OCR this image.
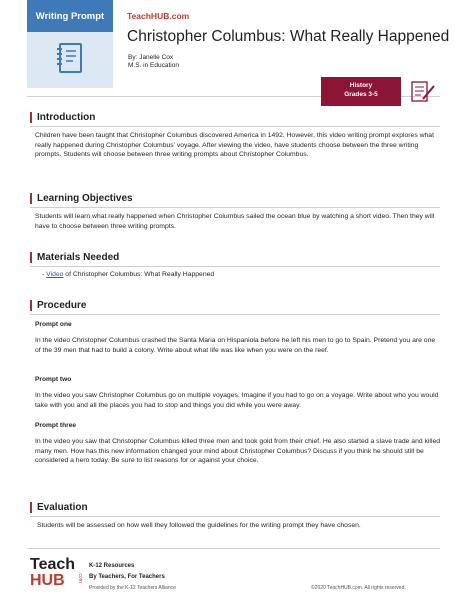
Writing Prompt	TeachHUB.com
Christopher Columbus: What Really Happened
By: Janelle Cox
M.S. in Education
History
Grades 3-5
Introduction
Children have been taught that Christopher Columbus discovered America in 1492. However, this video writing prompt explores what really happened during Christopher Columbus' voyage. After viewing the video, have students choose between the three writing prompts. Students will choose between three writing prompts about Christopher Columbus.
Learning Objectives
Students will learn what really happened when Christopher Columbus sailed the ocean blue by watching a short video. Then they will have to choose between three writing prompts.
Materials Needed
- Video of Christopher Columbus: What Really Happened
Procedure
Prompt one
In the video Christopher Columbus crashed the Santa Maria on Hispaniola before he left his men to go to Spain. Pretend you are one of the 39 men that had to build a colony. Write about what life was like when you were on the reef.
Prompt two
In the video you saw Christopher Columbus go on multiple voyages. Imagine if you had to go on a voyage. Write about who you would take with you and all the places you had to stop and things you did while you were away.
Prompt three
In the video you saw that Christopher Columbus killed three men and took gold from their chief. He also started a slave trade and killed many men. How has this new information changed your mind about Christopher Columbus? Discuss if you think he should still be considered a hero today. Be sure to list reasons for or against your choice.
Evaluation
Students will be assessed on how well they followed the guidelines for the writing prompt they have chosen.
Teach
HUB .com
K-12 Resources
By Teachers, For Teachers
Provided by the K-12 Teachers Alliance	©2020 TeachHUB.com. All rights reserved.
